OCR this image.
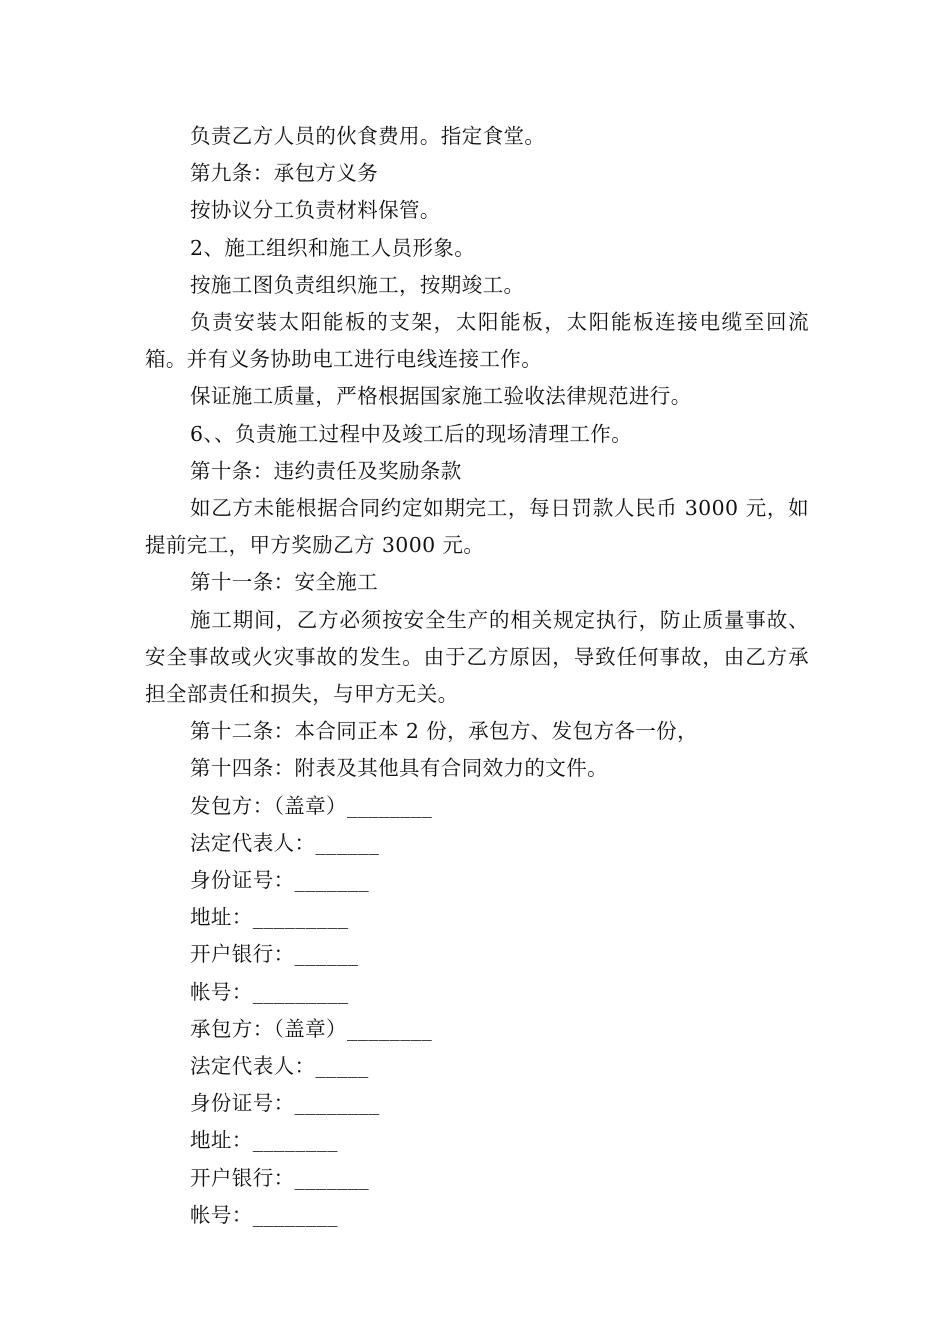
负责乙方人员的伙食费用。指定食堂。

第九条：承包方义务

按协议分工负责材料保管。

2、施工组织和施工人员形象。

按施工图负责组织施工，按期竣工。

负责安装太阳能板的支架，太阳能板，太阳能板连接电缆至回流箱。并有义务协助电工进行电线连接工作。

保证施工质量，严格根据国家施工验收法律规范进行。

6、、负责施工过程中及竣工后的现场清理工作。

第十条：违约责任及奖励条款

如乙方未能根据合同约定如期完工，每日罚款人民币 3000 元，如提前完工，甲方奖励乙方 3000 元。

第十一条：安全施工

施工期间，乙方必须按安全生产的相关规定执行，防止质量事故、安全事故或火灾事故的发生。由于乙方原因，导致任何事故，由乙方承担全部责任和损失，与甲方无关。

第十二条：本合同正本 2 份，承包方、发包方各一份，

第十四条：附表及其他具有合同效力的文件。

发包方：（盖章）________

法定代表人：______

身份证号：_______

地址：_________

开户银行：______

帐号：_________

承包方：（盖章）________

法定代表人：_____

身份证号：________

地址：________

开户银行：_______

帐号：________
